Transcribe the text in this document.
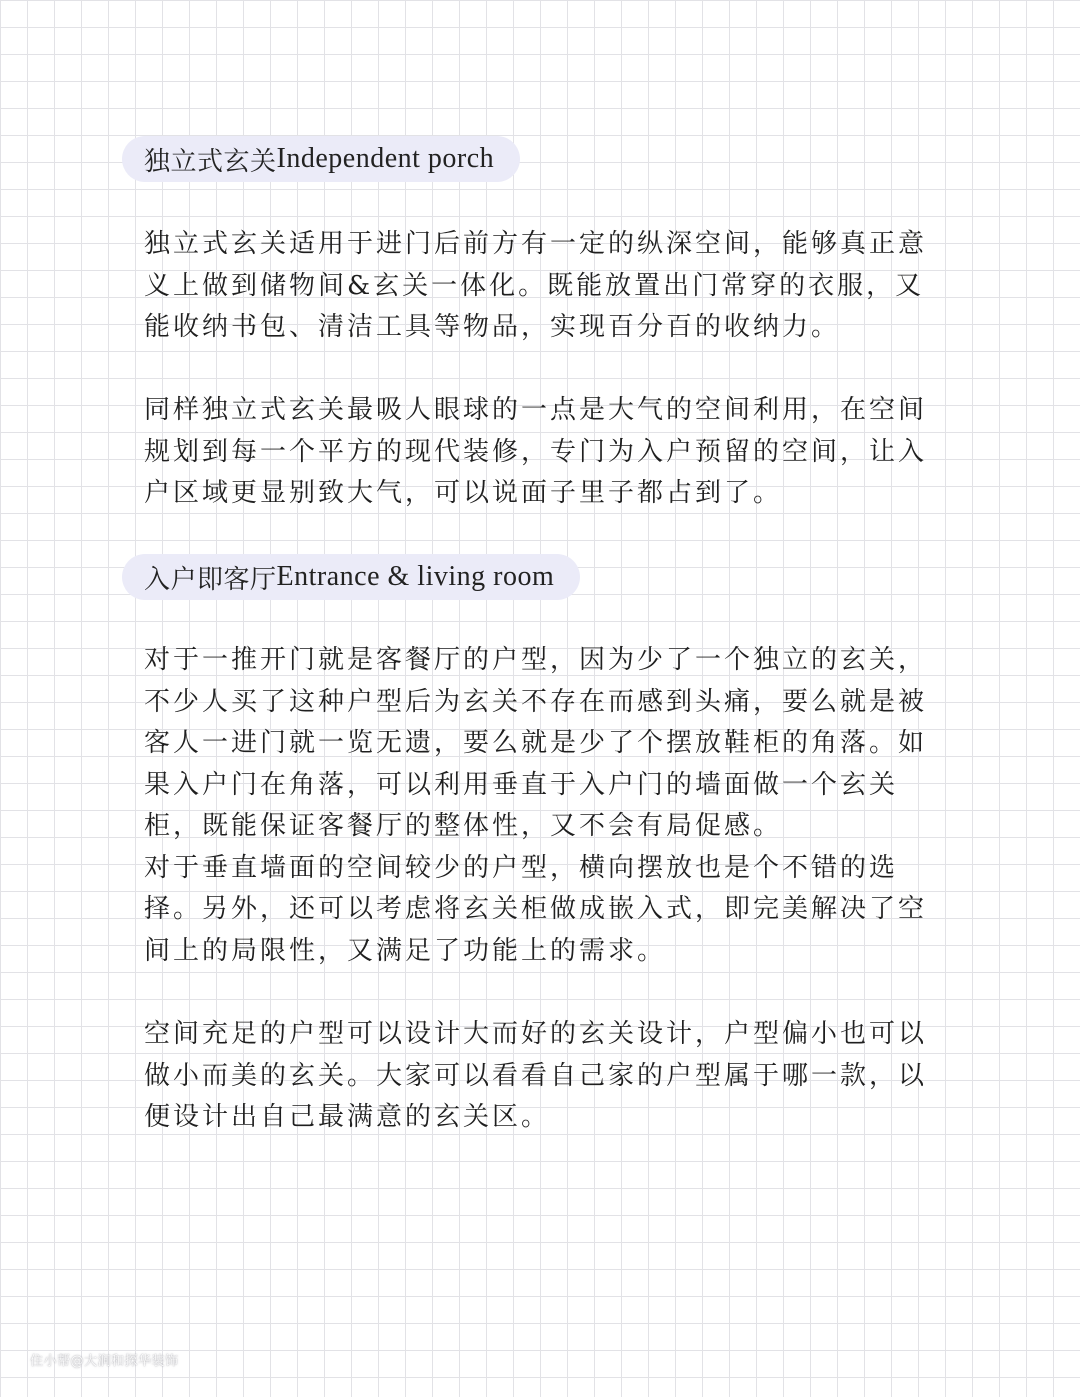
独立式玄关 Independent porch

独立式玄关适用于进门后前方有一定的纵深空间，能够真正意
义上做到储物间&玄关一体化。既能放置出门常穿的衣服，又
能收纳书包、清洁工具等物品，实现百分百的收纳力。

同样独立式玄关最吸人眼球的一点是大气的空间利用，在空间
规划到每一个平方的现代装修，专门为入户预留的空间，让入
户区域更显别致大气，可以说面子里子都占到了。

入户即客厅 Entrance & living room

对于一推开门就是客餐厅的户型，因为少了一个独立的玄关，
不少人买了这种户型后为玄关不存在而感到头痛，要么就是被
客人一进门就一览无遗，要么就是少了个摆放鞋柜的角落。如
果入户门在角落，可以利用垂直于入户门的墙面做一个玄关
柜，既能保证客餐厅的整体性，又不会有局促感。
对于垂直墙面的空间较少的户型，横向摆放也是个不错的选
择。另外，还可以考虑将玄关柜做成嵌入式，即完美解决了空
间上的局限性，又满足了功能上的需求。

空间充足的户型可以设计大而好的玄关设计，户型偏小也可以
做小而美的玄关。大家可以看看自己家的户型属于哪一款，以
便设计出自己最满意的玄关区。

住小帮@大涧和探华装饰
